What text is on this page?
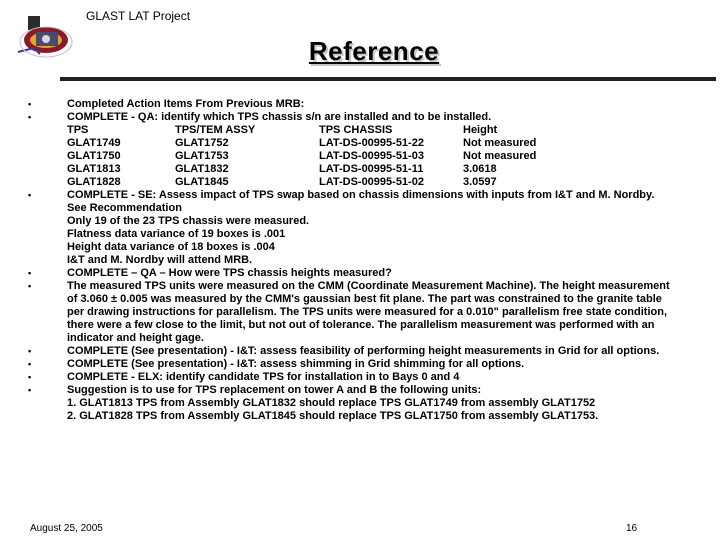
GLAST LAT Project
Reference
•	Completed Action Items From Previous MRB:
•	COMPLETE - QA: identify which TPS chassis s/n are installed and to be installed.
TPS	TPS/TEM ASSY	TPS CHASSIS	Height
GLAT1749	GLAT1752	LAT-DS-00995-51-22	Not measured
GLAT1750	GLAT1753	LAT-DS-00995-51-03	Not measured
GLAT1813	GLAT1832	LAT-DS-00995-51-11	3.0618
GLAT1828	GLAT1845	LAT-DS-00995-51-02	3.0597
•	COMPLETE - SE: Assess impact of TPS swap based on chassis dimensions with inputs from I&T and M. Nordby.
See Recommendation
Only 19 of the 23 TPS chassis were measured.
Flatness data variance of 19 boxes is .001
Height data variance of 18 boxes is .004
I&T and M. Nordby will attend MRB.
•	COMPLETE – QA – How were TPS chassis heights measured?
•	The measured TPS units were measured on the CMM (Coordinate Measurement Machine). The height measurement of 3.060 ± 0.005 was measured by the CMM's gaussian best fit plane. The part was constrained to the granite table per drawing instructions for parallelism. The TPS units were measured for a 0.010" parallelism free state condition, there were a few close to the limit, but not out of tolerance. The parallelism measurement was performed with an indicator and height gage.
•	COMPLETE (See presentation) - I&T: assess feasibility of performing height measurements in Grid for all options.
•	COMPLETE (See presentation) - I&T: assess shimming in Grid shimming for all options.
•	COMPLETE - ELX: identify candidate TPS for installation in to Bays 0 and 4
•	Suggestion is to use for TPS replacement on tower A and B the following units:
1. GLAT1813 TPS from Assembly GLAT1832 should replace TPS GLAT1749 from assembly GLAT1752
2. GLAT1828 TPS from Assembly GLAT1845 should replace TPS GLAT1750 from assembly GLAT1753.
August 25, 2005	16
